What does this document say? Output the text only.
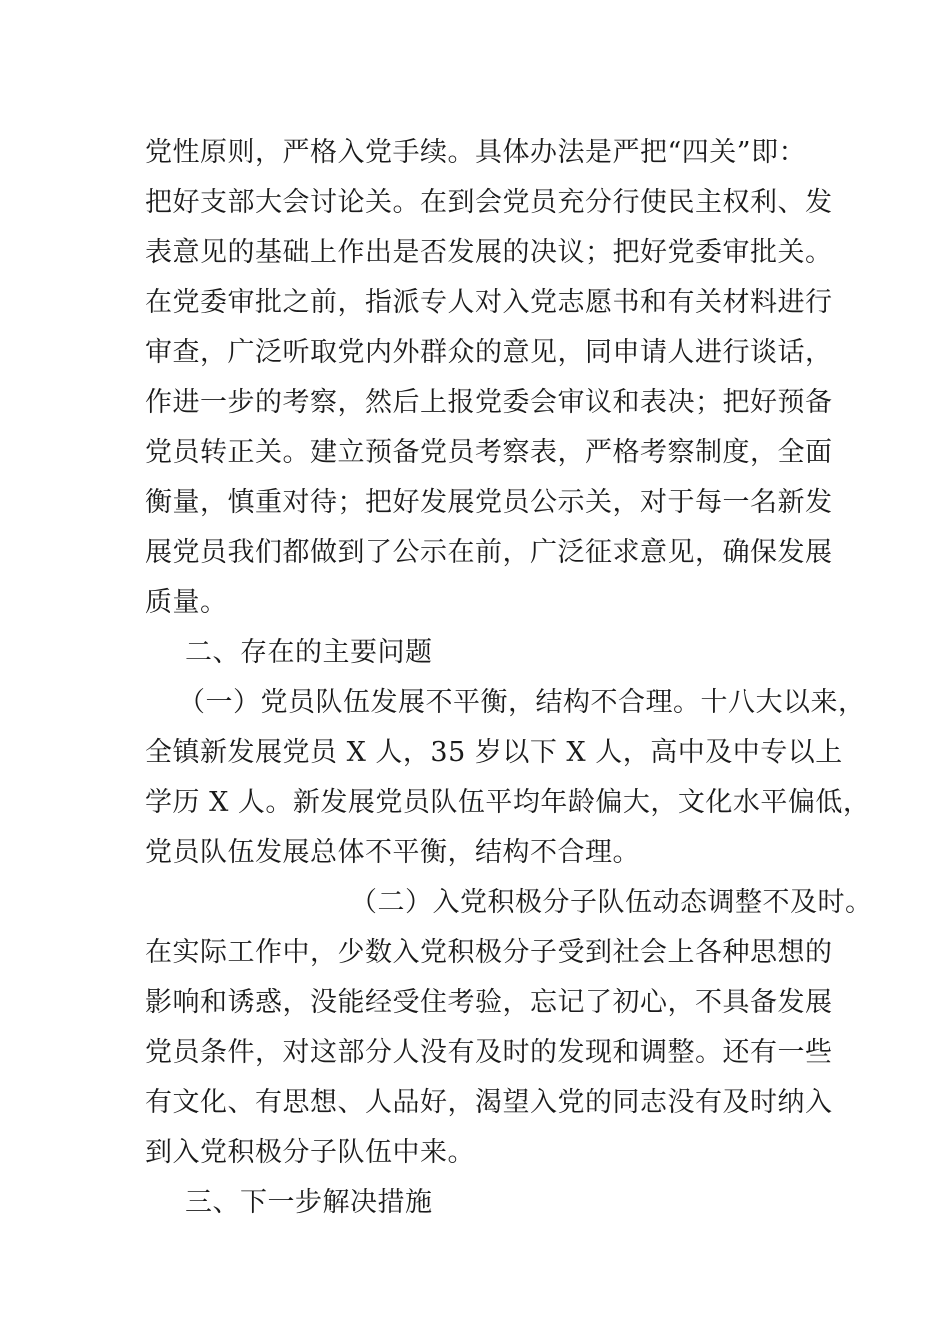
党性原则，严格入党手续。具体办法是严把“四关”即：
把好支部大会讨论关。在到会党员充分行使民主权利、发
表意见的基础上作出是否发展的决议；把好党委审批关。
在党委审批之前，指派专人对入党志愿书和有关材料进行
审查，广泛听取党内外群众的意见，同申请人进行谈话，
作进一步的考察，然后上报党委会审议和表决；把好预备
党员转正关。建立预备党员考察表，严格考察制度，全面
衡量，慎重对待；把好发展党员公示关，对于每一名新发
展党员我们都做到了公示在前，广泛征求意见，确保发展
质量。
二、存在的主要问题
（一）党员队伍发展不平衡，结构不合理。十八大以来，
全镇新发展党员 X 人，35 岁以下 X 人，高中及中专以上
学历 X 人。新发展党员队伍平均年龄偏大，文化水平偏低，
党员队伍发展总体不平衡，结构不合理。
（二）入党积极分子队伍动态调整不及时。
在实际工作中，少数入党积极分子受到社会上各种思想的
影响和诱惑，没能经受住考验，忘记了初心，不具备发展
党员条件，对这部分人没有及时的发现和调整。还有一些
有文化、有思想、人品好，渴望入党的同志没有及时纳入
到入党积极分子队伍中来。
三、下一步解决措施
